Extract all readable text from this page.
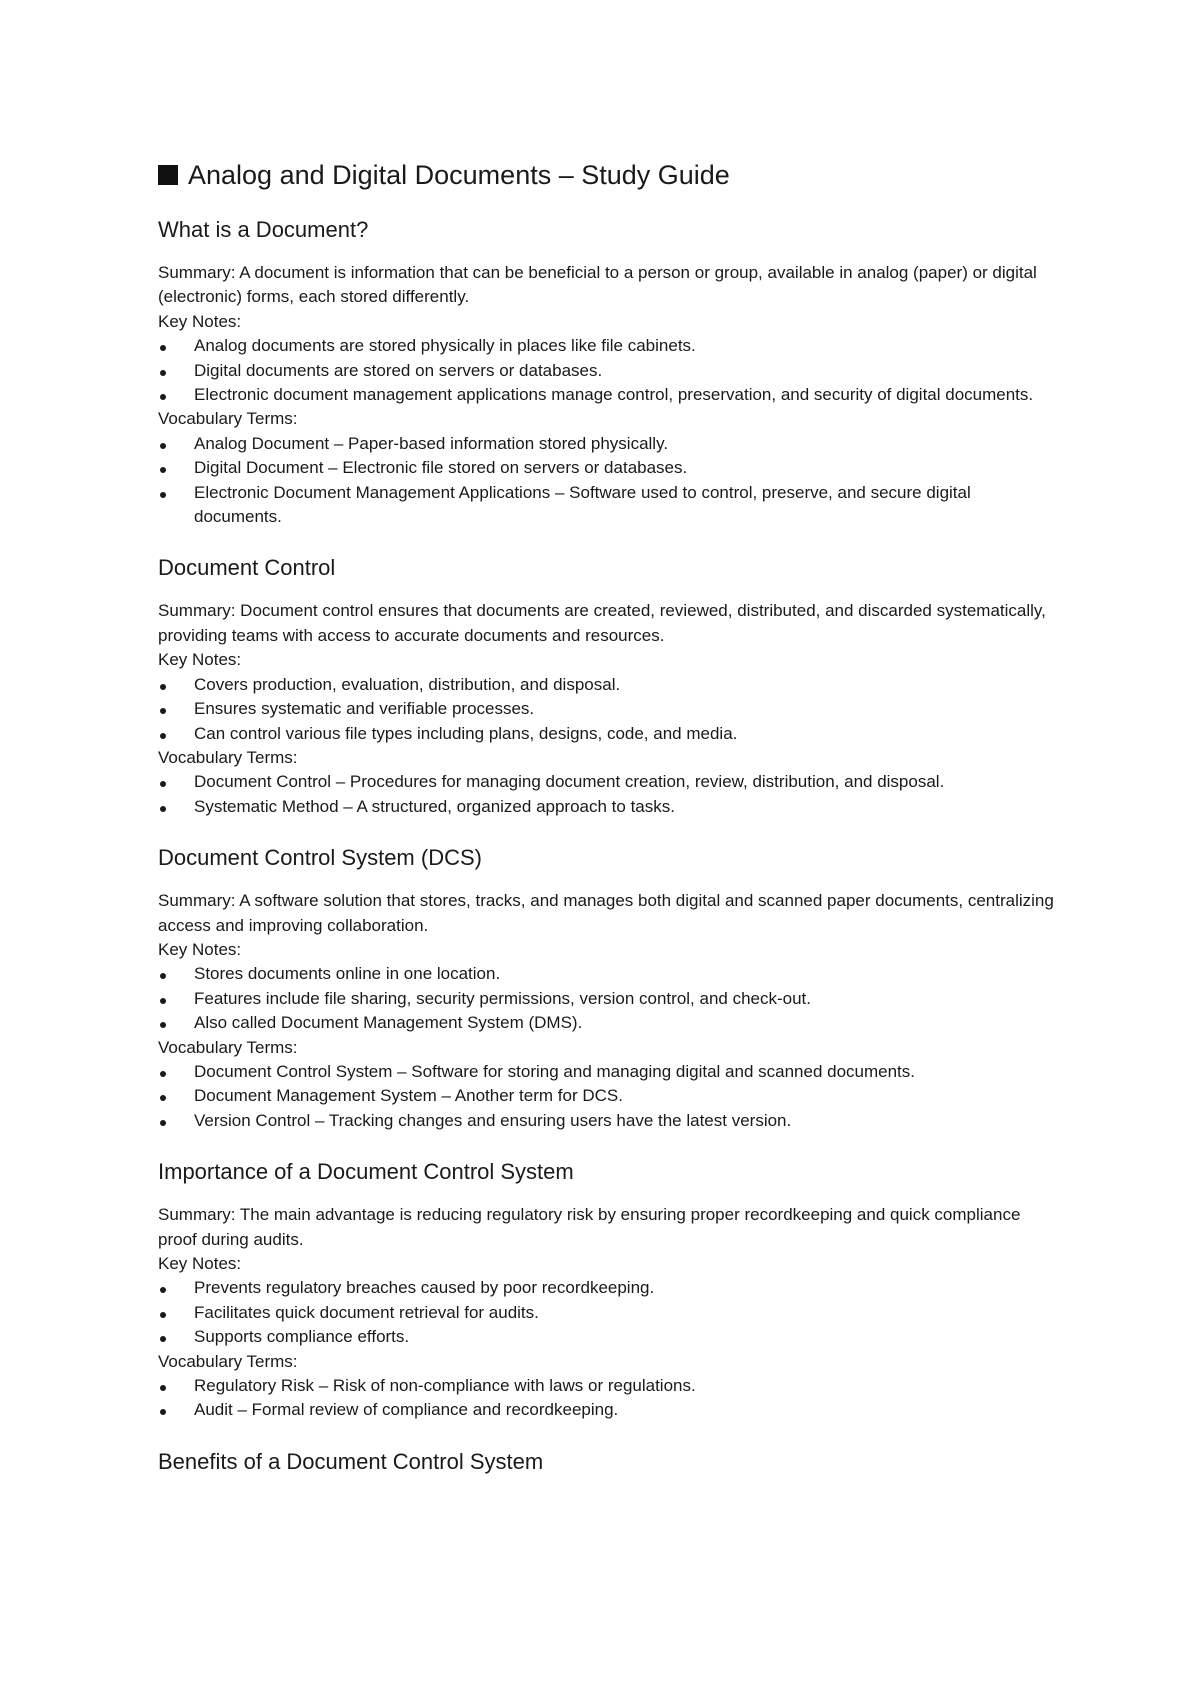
Analog and Digital Documents – Study Guide
What is a Document?

Summary: A document is information that can be beneficial to a person or group, available in analog (paper) or digital (electronic) forms, each stored differently.

Key Notes:

Analog documents are stored physically in places like file cabinets.
Digital documents are stored on servers or databases.
Electronic document management applications manage control, preservation, and security of digital documents.

Vocabulary Terms:

Analog Document – Paper-based information stored physically.
Digital Document – Electronic file stored on servers or databases.
Electronic Document Management Applications – Software used to control, preserve, and secure digital documents.
Document Control

Summary: Document control ensures that documents are created, reviewed, distributed, and discarded systematically, providing teams with access to accurate documents and resources.

Key Notes:

Covers production, evaluation, distribution, and disposal.
Ensures systematic and verifiable processes.
Can control various file types including plans, designs, code, and media.

Vocabulary Terms:

Document Control – Procedures for managing document creation, review, distribution, and disposal.
Systematic Method – A structured, organized approach to tasks.
Document Control System (DCS)

Summary: A software solution that stores, tracks, and manages both digital and scanned paper documents, centralizing access and improving collaboration.

Key Notes:

Stores documents online in one location.
Features include file sharing, security permissions, version control, and check-out.
Also called Document Management System (DMS).

Vocabulary Terms:

Document Control System – Software for storing and managing digital and scanned documents.
Document Management System – Another term for DCS.
Version Control – Tracking changes and ensuring users have the latest version.
Importance of a Document Control System

Summary: The main advantage is reducing regulatory risk by ensuring proper recordkeeping and quick compliance proof during audits.

Key Notes:

Prevents regulatory breaches caused by poor recordkeeping.
Facilitates quick document retrieval for audits.
Supports compliance efforts.

Vocabulary Terms:

Regulatory Risk – Risk of non-compliance with laws or regulations.
Audit – Formal review of compliance and recordkeeping.
Benefits of a Document Control System
